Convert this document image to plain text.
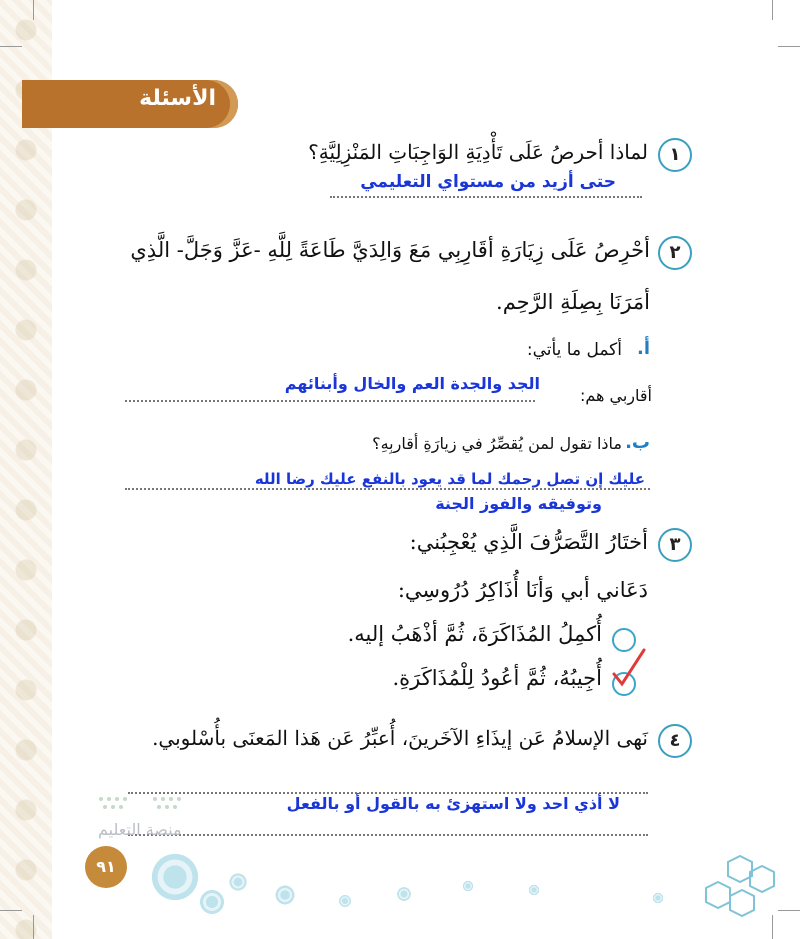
الأسئلة
١
لماذا أحرصُ عَلَى تَأْدِيَةِ الوَاجِبَاتِ المَنْزِلِيَّةِ؟
حتى أزيد من مستواي التعليمي
٢
أحْرِصُ عَلَى زِيَارَةِ أقَارِبِي مَعَ وَالِدَيَّ طَاعَةً لِلَّهِ -عَزَّ وَجَلَّ- الَّذِي
أمَرَنَا بِصِلَةِ الرَّحِم.
أ.
أكمل ما يأتي:
أقاربي هم:
الجد والجدة العم والخال وأبنائهم
ب.
ماذا تقول لمن يُقصِّرُ في زيارَةِ أقاربِهِ؟
عليك إن تصل رحمك لما قد يعود بالنفع عليك رضا الله
وتوفيقه والفوز الجنة
٣
أختَارُ التَّصَرُّفَ الَّذِي يُعْجِبُني:
دَعَاني أبي وَأنَا أُذَاكِرُ دُرُوسِي:
أُكمِلُ المُذَاكَرَةَ، ثُمَّ أذْهَبُ إليه.
أُجِيبُهُ، ثُمَّ أعُودُ لِلْمُذَاكَرَةِ.
٤
نَهى الإسلامُ عَن إيذَاءِ الآخَرينَ، أُعبِّرُ عَن هَذا المَعنَى بأُسْلوبي.
لا أذي احد ولا استهزئ به بالقول أو بالفعل
منصة التعليم
٩١
